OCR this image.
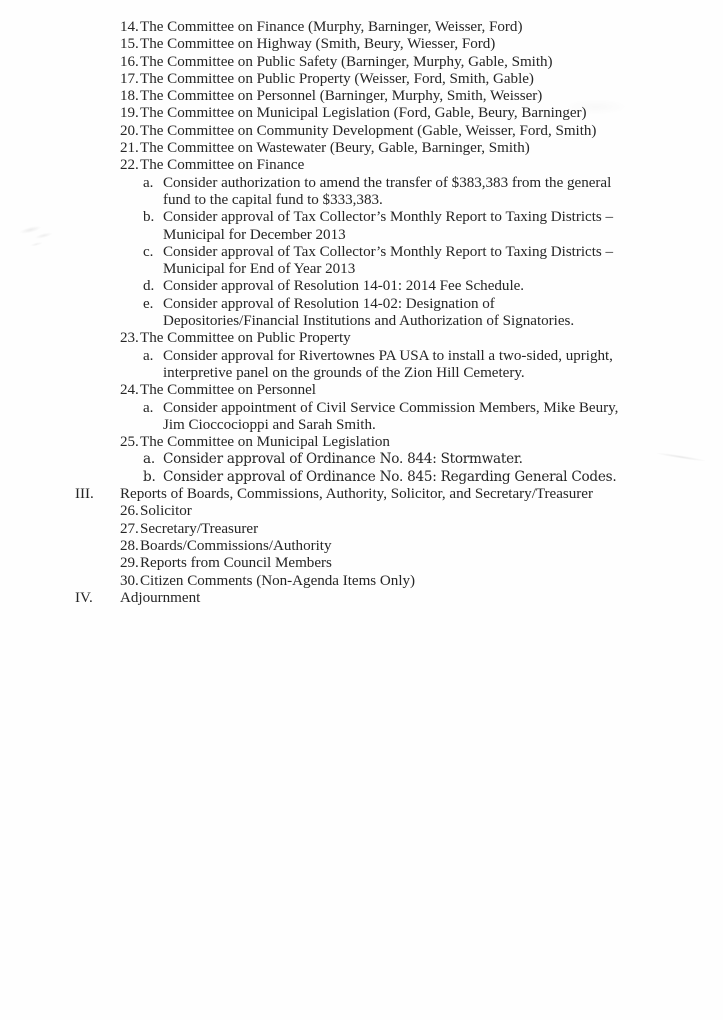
14. The Committee on Finance (Murphy, Barninger, Weisser, Ford)
15. The Committee on Highway (Smith, Beury, Wiesser, Ford)
16. The Committee on Public Safety (Barninger, Murphy, Gable, Smith)
17. The Committee on Public Property (Weisser, Ford, Smith, Gable)
18. The Committee on Personnel (Barninger, Murphy, Smith, Weisser)
19. The Committee on Municipal Legislation (Ford, Gable, Beury, Barninger)
20. The Committee on Community Development (Gable, Weisser, Ford, Smith)
21. The Committee on Wastewater (Beury, Gable, Barninger, Smith)
22. The Committee on Finance
a. Consider authorization to amend the transfer of $383,383 from the general fund to the capital fund to $333,383.
b. Consider approval of Tax Collector’s Monthly Report to Taxing Districts – Municipal for December 2013
c. Consider approval of Tax Collector’s Monthly Report to Taxing Districts – Municipal for End of Year 2013
d. Consider approval of Resolution 14-01: 2014 Fee Schedule.
e. Consider approval of Resolution 14-02: Designation of Depositories/Financial Institutions and Authorization of Signatories.
23. The Committee on Public Property
a. Consider approval for Rivertownes PA USA to install a two-sided, upright, interpretive panel on the grounds of the Zion Hill Cemetery.
24. The Committee on Personnel
a. Consider appointment of Civil Service Commission Members, Mike Beury, Jim Cioccocioppi and Sarah Smith.
25. The Committee on Municipal Legislation
a. Consider approval of Ordinance No. 844: Stormwater.
b. Consider approval of Ordinance No. 845: Regarding General Codes.
III.	Reports of Boards, Commissions, Authority, Solicitor, and Secretary/Treasurer
26. Solicitor
27. Secretary/Treasurer
28. Boards/Commissions/Authority
29. Reports from Council Members
30. Citizen Comments (Non-Agenda Items Only)
IV.	Adjournment
